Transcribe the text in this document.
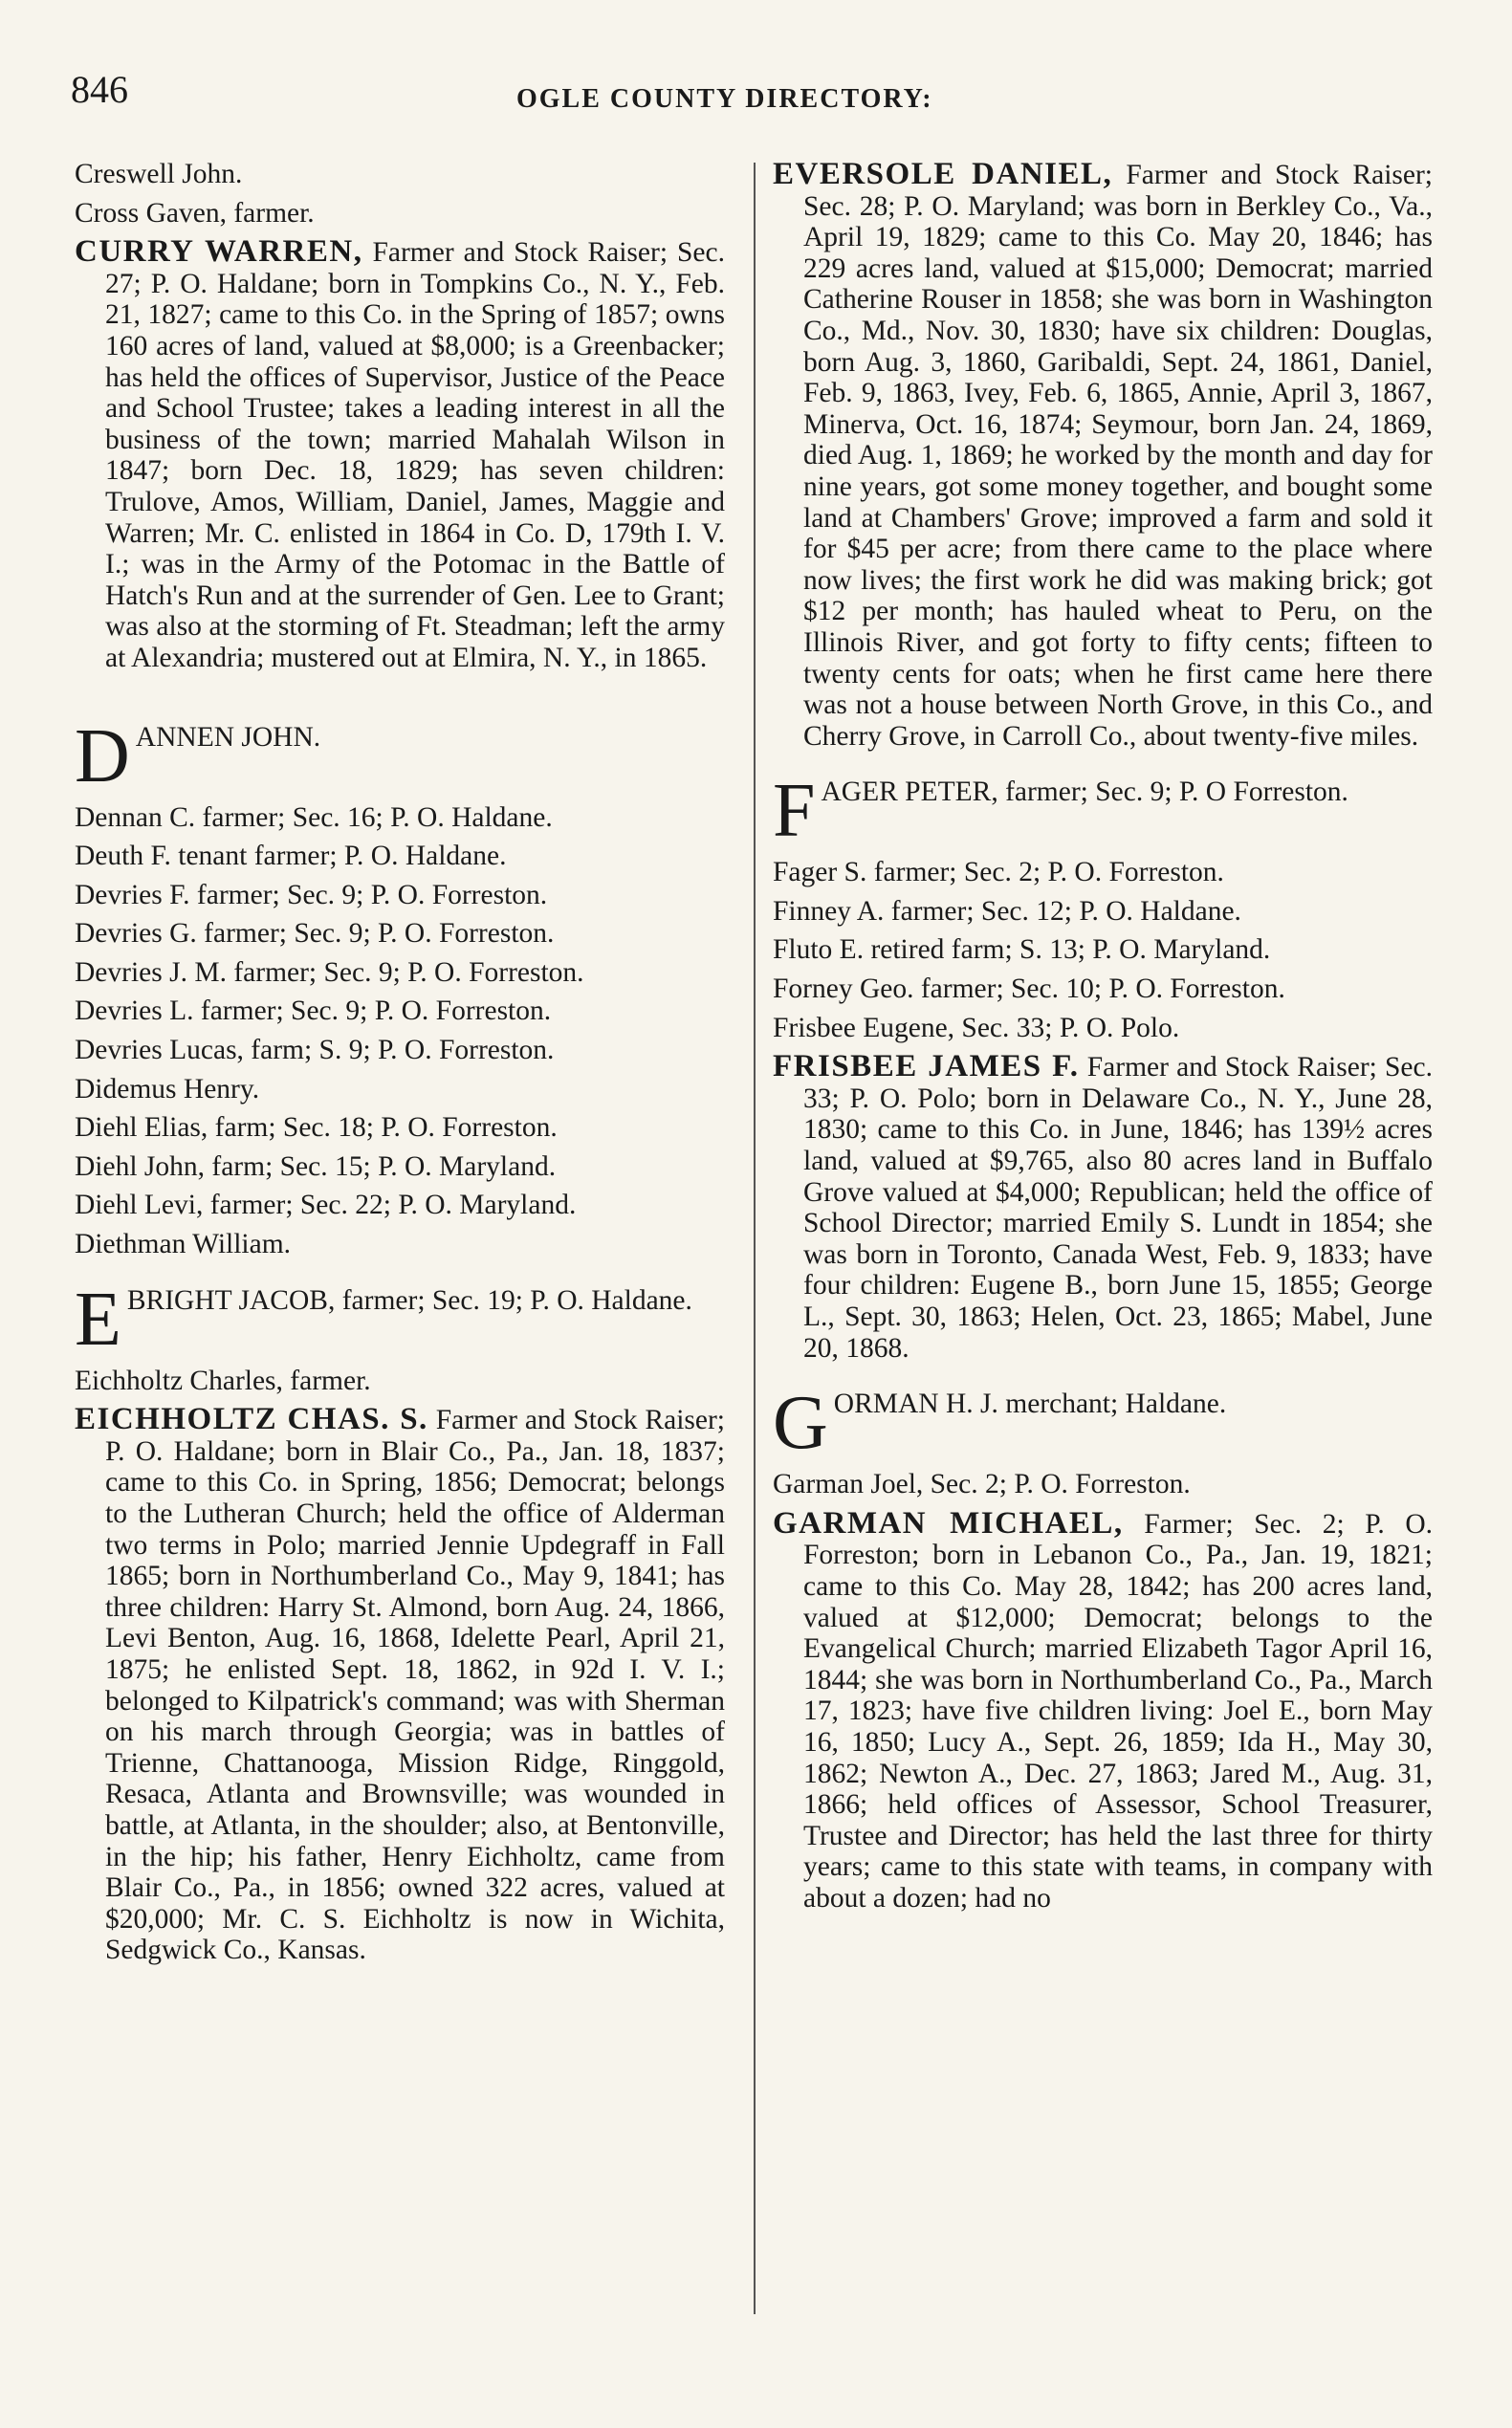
846	OGLE COUNTY DIRECTORY:
Creswell John.
Cross Gaven, farmer.
CURRY WARREN, Farmer and Stock Raiser; Sec. 27; P. O. Haldane; born in Tompkins Co., N. Y., Feb. 21, 1827; came to this Co. in the Spring of 1857; owns 160 acres of land, valued at $8,000; is a Greenbacker; has held the offices of Supervisor, Justice of the Peace and School Trustee; takes a leading interest in all the business of the town; married Mahalah Wilson in 1847; born Dec. 18, 1829; has seven children: Trulove, Amos, William, Daniel, James, Maggie and Warren; Mr. C. enlisted in 1864 in Co. D, 179th I. V. I.; was in the Army of the Potomac in the Battle of Hatch's Run and at the surrender of Gen. Lee to Grant; was also at the storming of Ft. Steadman; left the army at Alexandria; mustered out at Elmira, N. Y., in 1865.
DANNEN JOHN.
Dennan C. farmer; Sec. 16; P. O. Haldane.
Deuth F. tenant farmer; P. O. Haldane.
Devries F. farmer; Sec. 9; P. O. Forreston.
Devries G. farmer; Sec. 9; P. O. Forreston.
Devries J. M. farmer; Sec. 9; P. O. Forreston.
Devries L. farmer; Sec. 9; P. O. Forreston.
Devries Lucas, farm; S. 9; P. O. Forreston.
Didemus Henry.
Diehl Elias, farm; Sec. 18; P. O. Forreston.
Diehl John, farm; Sec. 15; P. O. Maryland.
Diehl Levi, farmer; Sec. 22; P. O. Maryland.
Diethman William.
EBRIGHT JACOB, farmer; Sec. 19; P. O. Haldane.
Eichholtz Charles, farmer.
EICHHOLTZ CHAS. S. Farmer and Stock Raiser; P. O. Haldane; born in Blair Co., Pa., Jan. 18, 1837; came to this Co. in Spring, 1856; Democrat; belongs to the Lutheran Church; held the office of Alderman two terms in Polo; married Jennie Updegraff in Fall 1865; born in Northumberland Co., May 9, 1841; has three children: Harry St. Almond, born Aug. 24, 1866, Levi Benton, Aug. 16, 1868, Idelette Pearl, April 21, 1875; he enlisted Sept. 18, 1862, in 92d I. V. I.; belonged to Kilpatrick's command; was with Sherman on his march through Georgia; was in battles of Trienne, Chattanooga, Mission Ridge, Ringgold, Resaca, Atlanta and Brownsville; was wounded in battle, at Atlanta, in the shoulder; also, at Bentonville, in the hip; his father, Henry Eichholtz, came from Blair Co., Pa., in 1856; owned 322 acres, valued at $20,000; Mr. C. S. Eichholtz is now in Wichita, Sedgwick Co., Kansas.
EVERSOLE DANIEL, Farmer and Stock Raiser; Sec. 28; P. O. Maryland; was born in Berkley Co., Va., April 19, 1829; came to this Co. May 20, 1846; has 229 acres land, valued at $15,000; Democrat; married Catherine Rouser in 1858; she was born in Washington Co., Md., Nov. 30, 1830; have six children: Douglas, born Aug. 3, 1860, Garibaldi, Sept. 24, 1861, Daniel, Feb. 9, 1863, Ivey, Feb. 6, 1865, Annie, April 3, 1867, Minerva, Oct. 16, 1874; Seymour, born Jan. 24, 1869, died Aug. 1, 1869; he worked by the month and day for nine years, got some money together, and bought some land at Chambers' Grove; improved a farm and sold it for $45 per acre; from there came to the place where now lives; the first work he did was making brick; got $12 per month; has hauled wheat to Peru, on the Illinois River, and got forty to fifty cents; fifteen to twenty cents for oats; when he first came here there was not a house between North Grove, in this Co., and Cherry Grove, in Carroll Co., about twenty-five miles.
FAGER PETER, farmer; Sec. 9; P. O Forreston.
Fager S. farmer; Sec. 2; P. O. Forreston.
Finney A. farmer; Sec. 12; P. O. Haldane.
Fluto E. retired farm; S. 13; P. O. Maryland.
Forney Geo. farmer; Sec. 10; P. O. Forreston.
Frisbee Eugene, Sec. 33; P. O. Polo.
FRISBEE JAMES F. Farmer and Stock Raiser; Sec. 33; P. O. Polo; born in Delaware Co., N. Y., June 28, 1830; came to this Co. in June, 1846; has 139½ acres land, valued at $9,765, also 80 acres land in Buffalo Grove valued at $4,000; Republican; held the office of School Director; married Emily S. Lundt in 1854; she was born in Toronto, Canada West, Feb. 9, 1833; have four children: Eugene B., born June 15, 1855; George L., Sept. 30, 1863; Helen, Oct. 23, 1865; Mabel, June 20, 1868.
GORMAN H. J. merchant; Haldane.
Garman Joel, Sec. 2; P. O. Forreston.
GARMAN MICHAEL, Farmer; Sec. 2; P. O. Forreston; born in Lebanon Co., Pa., Jan. 19, 1821; came to this Co. May 28, 1842; has 200 acres land, valued at $12,000; Democrat; belongs to the Evangelical Church; married Elizabeth Tagor April 16, 1844; she was born in Northumberland Co., Pa., March 17, 1823; have five children living: Joel E., born May 16, 1850; Lucy A., Sept. 26, 1859; Ida H., May 30, 1862; Newton A., Dec. 27, 1863; Jared M., Aug. 31, 1866; held offices of Assessor, School Treasurer, Trustee and Director; has held the last three for thirty years; came to this state with teams, in company with about a dozen; had no
